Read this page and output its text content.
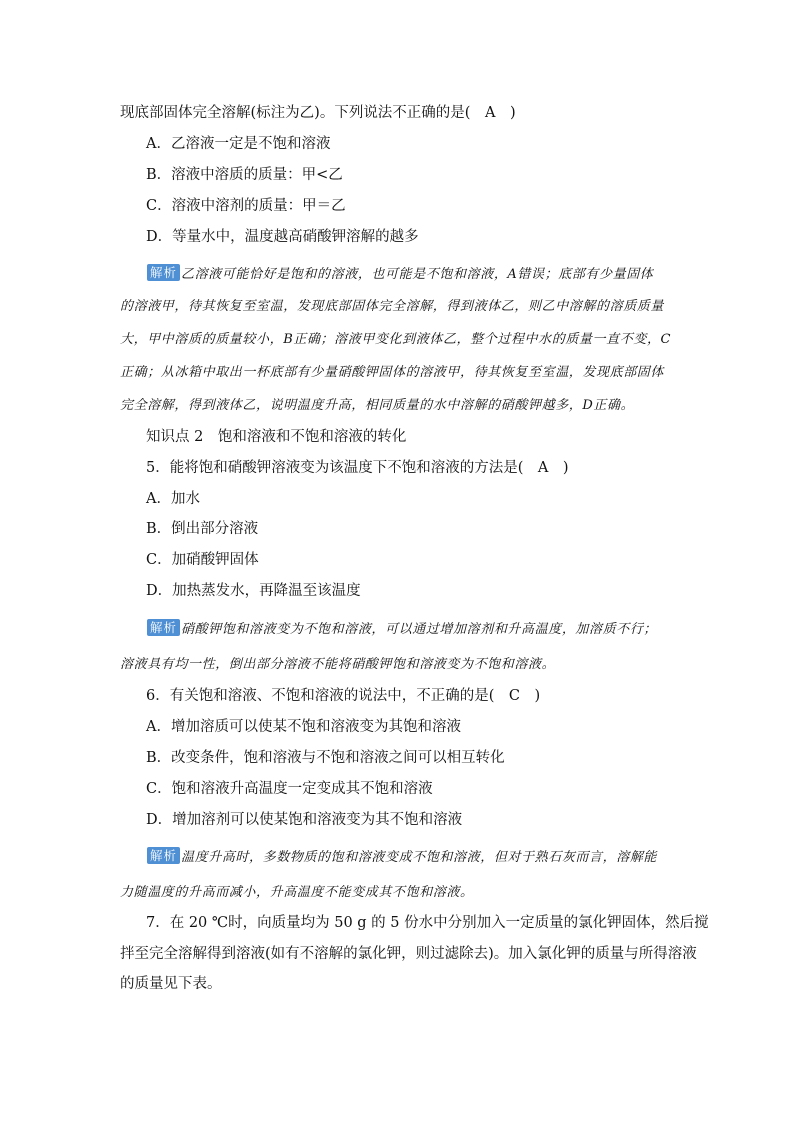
现底部固体完全溶解(标注为乙)。下列说法不正确的是(　A　)
A．乙溶液一定是不饱和溶液
B．溶液中溶质的质量：甲<乙
C．溶液中溶剂的质量：甲＝乙
D．等量水中，温度越高硝酸钾溶解的越多
解析 乙溶液可能恰好是饱和的溶液，也可能是不饱和溶液，A错误；底部有少量固体
的溶液甲，待其恢复至室温，发现底部固体完全溶解，得到液体乙，则乙中溶解的溶质质量
大，甲中溶质的质量较小，B正确；溶液甲变化到液体乙，整个过程中水的质量一直不变，C
正确；从冰箱中取出一杯底部有少量硝酸钾固体的溶液甲，待其恢复至室温，发现底部固体
完全溶解，得到液体乙，说明温度升高，相同质量的水中溶解的硝酸钾越多，D正确。
知识点 2　饱和溶液和不饱和溶液的转化
5．能将饱和硝酸钾溶液变为该温度下不饱和溶液的方法是(　A　)
A．加水
B．倒出部分溶液
C．加硝酸钾固体
D．加热蒸发水，再降温至该温度
解析 硝酸钾饱和溶液变为不饱和溶液，可以通过增加溶剂和升高温度，加溶质不行；
溶液具有均一性，倒出部分溶液不能将硝酸钾饱和溶液变为不饱和溶液。
6．有关饱和溶液、不饱和溶液的说法中，不正确的是(　C　)
A．增加溶质可以使某不饱和溶液变为其饱和溶液
B．改变条件，饱和溶液与不饱和溶液之间可以相互转化
C．饱和溶液升高温度一定变成其不饱和溶液
D．增加溶剂可以使某饱和溶液变为其不饱和溶液
解析 温度升高时，多数物质的饱和溶液变成不饱和溶液，但对于熟石灰而言，溶解能
力随温度的升高而减小，升高温度不能变成其不饱和溶液。
7．在 20 ℃时，向质量均为 50 g 的 5 份水中分别加入一定质量的氯化钾固体，然后搅
拌至完全溶解得到溶液(如有不溶解的氯化钾，则过滤除去)。加入氯化钾的质量与所得溶液
的质量见下表。
